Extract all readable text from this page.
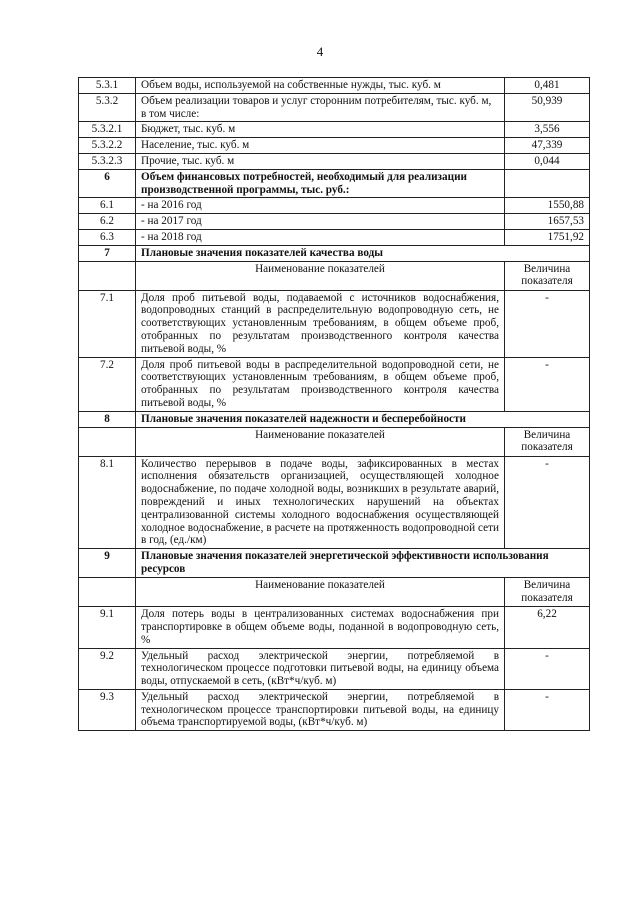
4
5.3.1	Объем воды, используемой на собственные нужды, тыс. куб. м	0,481
5.3.2	Объем реализации товаров и услуг сторонним потребителям, тыс. куб. м, в том числе:	50,939
5.3.2.1	Бюджет, тыс. куб. м	3,556
5.3.2.2	Население, тыс. куб. м	47,339
5.3.2.3	Прочие, тыс. куб. м	0,044
6	Объем финансовых потребностей, необходимый для реализации производственной программы, тыс. руб.:	
6.1	- на 2016 год	1550,88
6.2	- на 2017 год	1657,53
6.3	- на 2018 год	1751,92
7	Плановые значения показателей качества воды	
	Наименование показателей	Величина показателя
7.1	Доля проб питьевой воды, подаваемой с источников водоснабжения, водопроводных станций в распределительную водопроводную сеть, не соответствующих установленным требованиям, в общем объеме проб, отобранных по результатам производственного контроля качества питьевой воды, %	-
7.2	Доля проб питьевой воды в распределительной водопроводной сети, не соответствующих установленным требованиям, в общем объеме проб, отобранных по результатам производственного контроля качества питьевой воды, %	-
8	Плановые значения показателей надежности и бесперебойности	
	Наименование показателей	Величина показателя
8.1	Количество перерывов в подаче воды, зафиксированных в местах исполнения обязательств организацией, осуществляющей холодное водоснабжение, по подаче холодной воды, возникших в результате аварий, повреждений и иных технологических нарушений на объектах централизованной системы холодного водоснабжения осуществляющей холодное водоснабжение, в расчете на протяженность водопроводной сети в год, (ед./км)	-
9	Плановые значения показателей энергетической эффективности использования ресурсов	
	Наименование показателей	Величина показателя
9.1	Доля потерь воды в централизованных системах водоснабжения при транспортировке в общем объеме воды, поданной в водопроводную сеть, %	6,22
9.2	Удельный расход электрической энергии, потребляемой в технологическом процессе подготовки питьевой воды, на единицу объема воды, отпускаемой в сеть, (кВт*ч/куб. м)	-
9.3	Удельный расход электрической энергии, потребляемой в технологическом процессе транспортировки питьевой воды, на единицу объема транспортируемой воды, (кВт*ч/куб. м)	-
